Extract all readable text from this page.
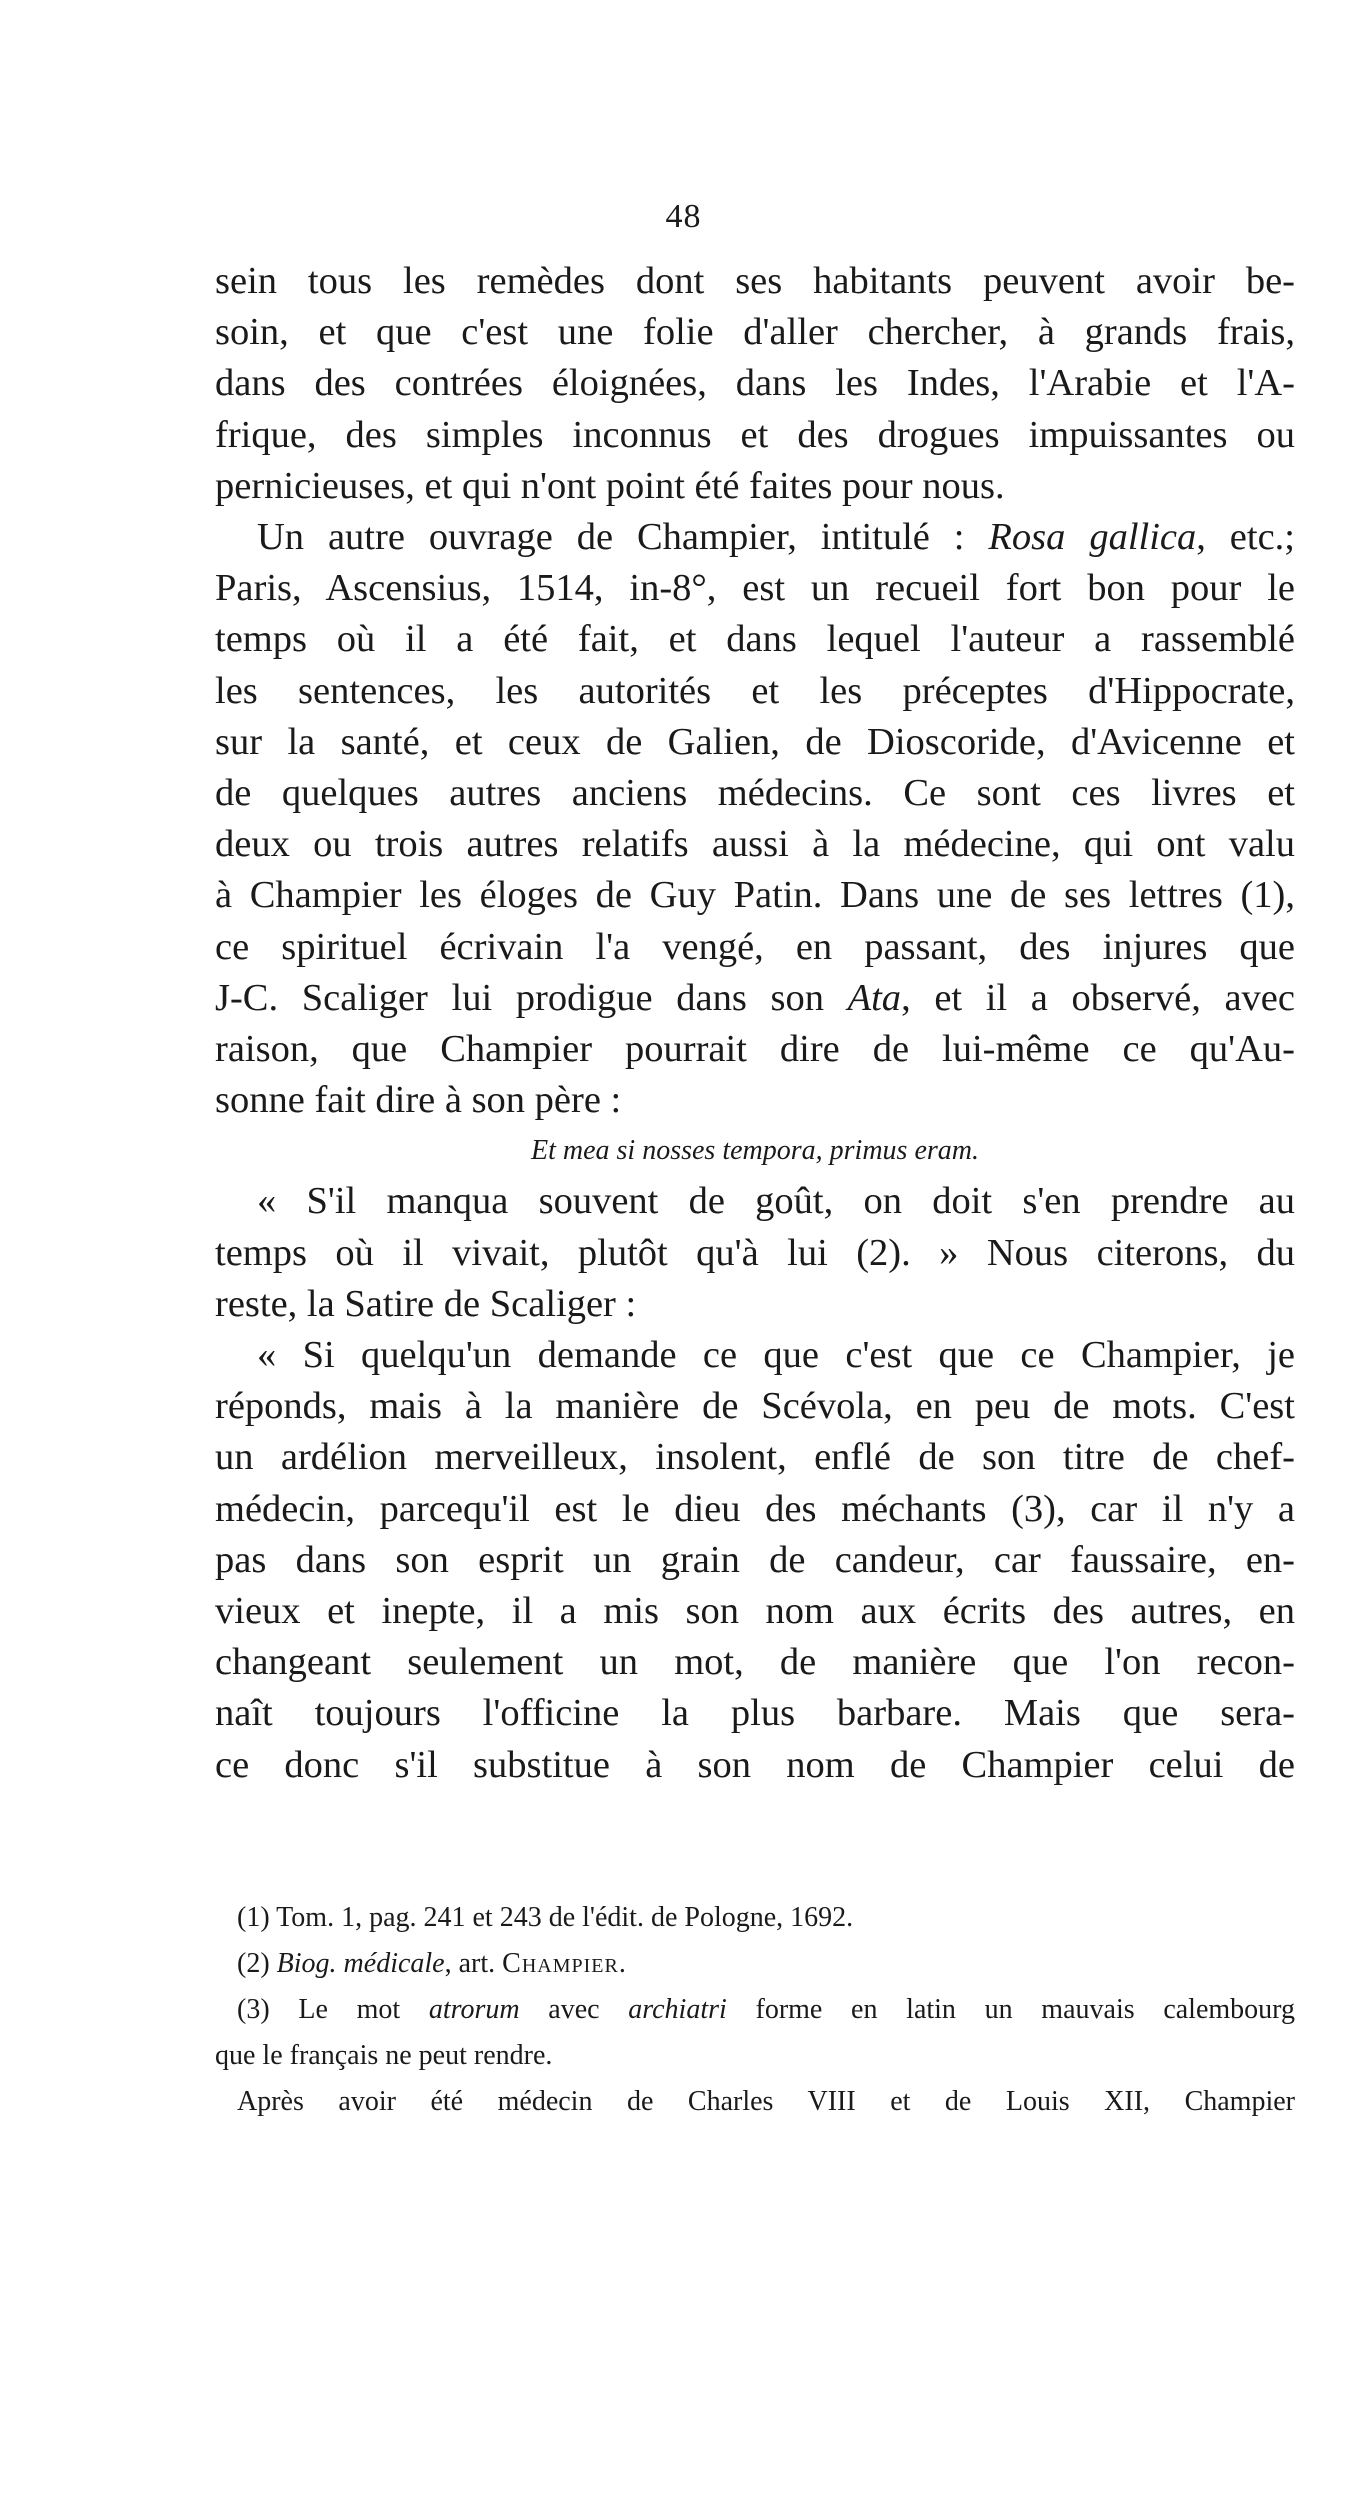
48
sein tous les remèdes dont ses habitants peuvent avoir be-
soin, et que c'est une folie d'aller chercher, à grands frais,
dans des contrées éloignées, dans les Indes, l'Arabie et l'A-
frique, des simples inconnus et des drogues impuissantes ou
pernicieuses, et qui n'ont point été faites pour nous.
Un autre ouvrage de Champier, intitulé : Rosa gallica, etc.;
Paris, Ascensius, 1514, in-8°, est un recueil fort bon pour le
temps où il a été fait, et dans lequel l'auteur a rassemblé
les sentences, les autorités et les préceptes d'Hippocrate,
sur la santé, et ceux de Galien, de Dioscoride, d'Avicenne et
de quelques autres anciens médecins. Ce sont ces livres et
deux ou trois autres relatifs aussi à la médecine, qui ont valu
à Champier les éloges de Guy Patin. Dans une de ses lettres (1),
ce spirituel écrivain l'a vengé, en passant, des injures que
J-C. Scaliger lui prodigue dans son Ata, et il a observé, avec
raison, que Champier pourrait dire de lui-même ce qu'Au-
sonne fait dire à son père :
Et mea si nosses tempora, primus eram.
« S'il manqua souvent de goût, on doit s'en prendre au
temps où il vivait, plutôt qu'à lui (2). » Nous citerons, du
reste, la Satire de Scaliger :
« Si quelqu'un demande ce que c'est que ce Champier, je
réponds, mais à la manière de Scévola, en peu de mots. C'est
un ardélion merveilleux, insolent, enflé de son titre de chef-
médecin, parcequ'il est le dieu des méchants (3), car il n'y a
pas dans son esprit un grain de candeur, car faussaire, en-
vieux et inepte, il a mis son nom aux écrits des autres, en
changeant seulement un mot, de manière que l'on recon-
naît toujours l'officine la plus barbare. Mais que sera-
ce donc s'il substitue à son nom de Champier celui de
(1) Tom. 1, pag. 241 et 243 de l'édit. de Pologne, 1692.
(2) Biog. médicale, art. Champier.
(3) Le mot atrorum avec archiatri forme en latin un mauvais calembourg
que le français ne peut rendre.
Après avoir été médecin de Charles VIII et de Louis XII, Champier
